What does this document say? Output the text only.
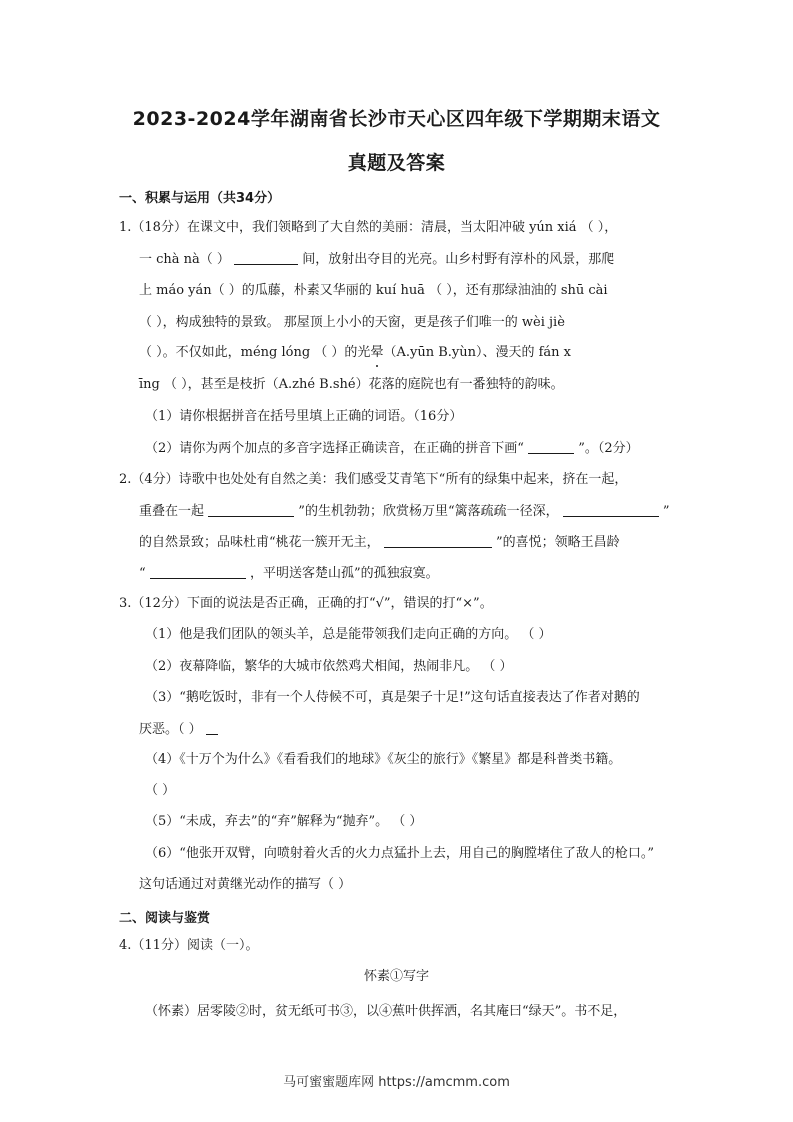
2023-2024学年湖南省长沙市天心区四年级下学期期末语文
真题及答案
一、积累与运用（共34分）
1.（18分）在课文中，我们领略到了大自然的美丽：清晨，当太阳冲破 yún xiá （ ），
一 chà nà（ ）	间，放射出夺目的光亮。山乡村野有淳朴的风景，那爬
上 máo yán（ ）的瓜藤，朴素又华丽的 kuí huā （ ），还有那绿油油的 shū cài
（ ），构成独特的景致。 那屋顶上小小的天窗，更是孩子们唯一的 wèi jiè
（ ）。不仅如此，méng lóng （ ）的光晕（A.yūn B.yùn）、漫天的 fán x
īng （ ），甚至是枝折（A.zhé B.shé）花落的庭院也有一番独特的韵味。
（1）请你根据拼音在括号里填上正确的词语。（16分）
（2）请你为两个加点的多音字选择正确读音，在正确的拼音下画“	”。（2分）
2.（4分）诗歌中也处处有自然之美：我们感受艾青笔下“所有的绿集中起来，挤在一起，
重叠在一起	”的生机勃勃；欣赏杨万里“篱落疏疏一径深，	”
的自然景致；品味杜甫“桃花一簇开无主，	”的喜悦；领略王昌龄
“	，平明送客楚山孤”的孤独寂寞。
3.（12分）下面的说法是否正确，正确的打“√”，错误的打“×”。
（1）他是我们团队的领头羊，总是能带领我们走向正确的方向。 （ ）
（2）夜幕降临，繁华的大城市依然鸡犬相闻，热闹非凡。 （ ）
（3）“鹅吃饭时，非有一个人侍候不可，真是架子十足!”这句话直接表达了作者对鹅的
厌恶。（ ）
（4）《十万个为什么》《看看我们的地球》《灰尘的旅行》《繁星》都是科普类书籍。
（ ）
（5）“未成，弃去”的“弃”解释为“抛弃”。 （ ）
（6）“他张开双臂，向喷射着火舌的火力点猛扑上去，用自己的胸膛堵住了敌人的枪口。”
这句话通过对黄继光动作的描写（ ）
二、阅读与鉴赏
4.（11分）阅读（一）。
怀素①写字
（怀素）居零陵②时，贫无纸可书③，以④蕉叶供挥洒，名其庵曰“绿天”。书不足，
马可蜜蜜题库网 https://amcmm.com
